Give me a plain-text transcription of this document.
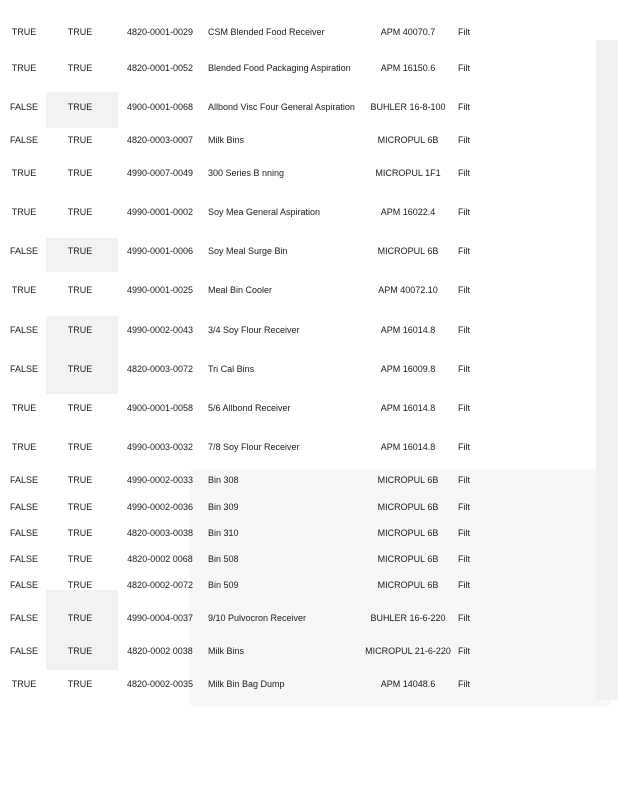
TRUE	TRUE	4820-0001-0029	CSM Blended Food Receiver	APM 40070.7	Filt
TRUE	TRUE	4820-0001-0052	Blended Food Packaging Aspiration	APM 16150.6	Filt
FALSE	TRUE	4900-0001-0068	Allbond Visc Four General Aspiration	BUHLER 16-8-100	Filt
FALSE	TRUE	4820-0003-0007	Milk Bins	MICROPUL 6B	Filt
TRUE	TRUE	4990-0007-0049	300 Series B nning	MICROPUL 1F1	Filt
TRUE	TRUE	4990-0001-0002	Soy Mea General Aspiration	APM 16022.4	Filt
FALSE	TRUE	4990-0001-0006	Soy Meal Surge Bin	MICROPUL 6B	Filt
TRUE	TRUE	4990-0001-0025	Meal Bin Cooler	APM 40072.10	Filt
FALSE	TRUE	4990-0002-0043	3/4 Soy Flour Receiver	APM 16014.8	Filt
FALSE	TRUE	4820-0003-0072	Tri Cal Bins	APM 16009.8	Filt
TRUE	TRUE	4900-0001-0058	5/6 Allbond Receiver	APM 16014.8	Filt
TRUE	TRUE	4990-0003-0032	7/8 Soy Flour Receiver	APM 16014.8	Filt
FALSE	TRUE	4990-0002-0033	Bin 308	MICROPUL 6B	Filt
FALSE	TRUE	4990-0002-0036	Bin 309	MICROPUL 6B	Filt
FALSE	TRUE	4820-0003-0038	Bin 310	MICROPUL 6B	Filt
FALSE	TRUE	4820-0002 0068	Bin 508	MICROPUL 6B	Filt
FALSE	TRUE	4820-0002-0072	Bin 509	MICROPUL 6B	Filt
FALSE	TRUE	4990-0004-0037	9/10 Pulvocron Receiver	BUHLER 16-6-220	Filt
FALSE	TRUE	4820-0002 0038	Milk Bins	MICROPUL 21-6-220	Filt
TRUE	TRUE	4820-0002-0035	Milk Bin Bag Dump	APM 14048.6	Filt
